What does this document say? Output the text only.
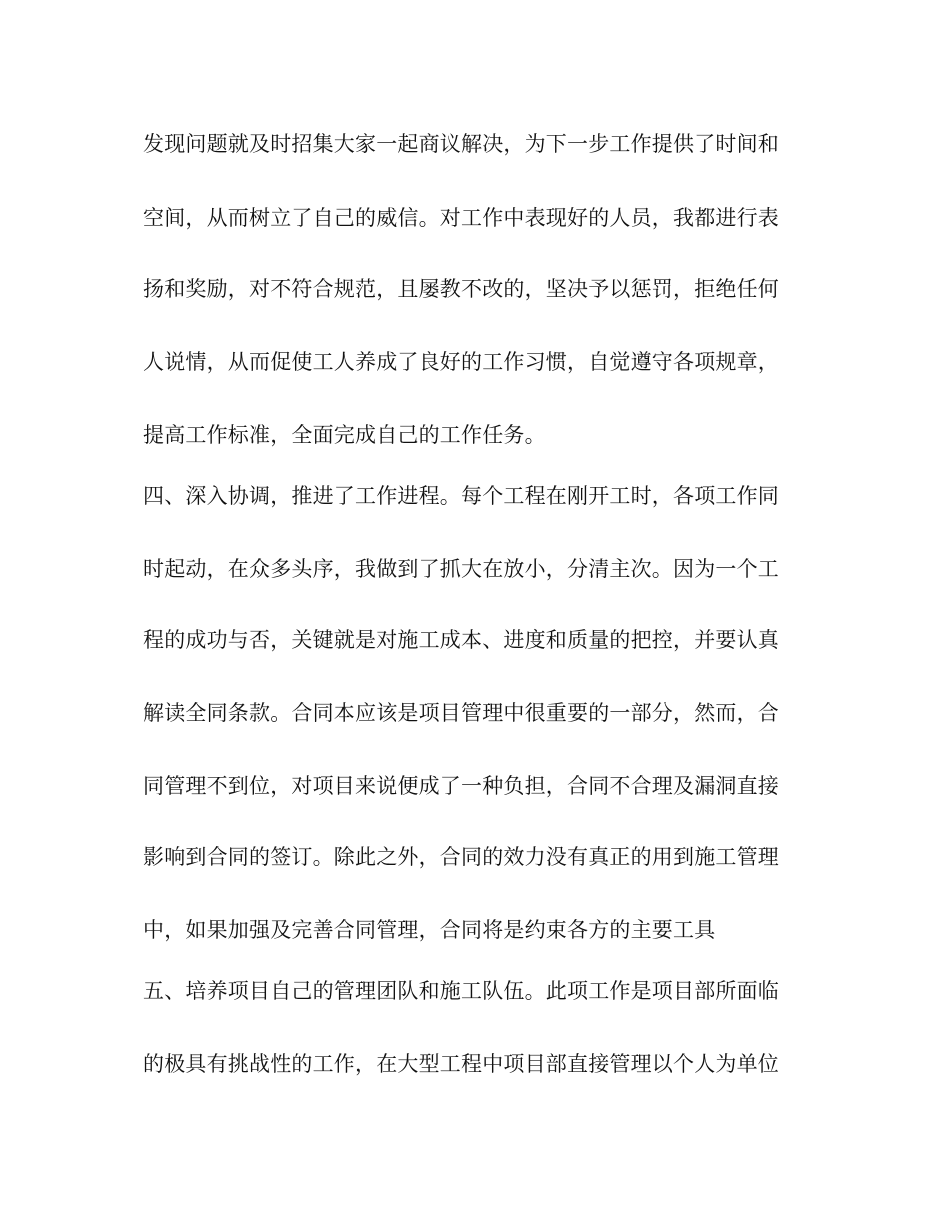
发现问题就及时招集大家一起商议解决，为下一步工作提供了时间和
空间，从而树立了自己的威信。对工作中表现好的人员，我都进行表
扬和奖励，对不符合规范，且屡教不改的，坚决予以惩罚，拒绝任何
人说情，从而促使工人养成了良好的工作习惯，自觉遵守各项规章，
提高工作标准，全面完成自己的工作任务。
四、深入协调，推进了工作进程。每个工程在刚开工时，各项工作同
时起动，在众多头序，我做到了抓大在放小，分清主次。因为一个工
程的成功与否，关键就是对施工成本、进度和质量的把控，并要认真
解读全同条款。合同本应该是项目管理中很重要的一部分，然而，合
同管理不到位，对项目来说便成了一种负担，合同不合理及漏洞直接
影响到合同的签订。除此之外，合同的效力没有真正的用到施工管理
中，如果加强及完善合同管理，合同将是约束各方的主要工具
五、培养项目自己的管理团队和施工队伍。此项工作是项目部所面临
的极具有挑战性的工作，在大型工程中项目部直接管理以个人为单位
